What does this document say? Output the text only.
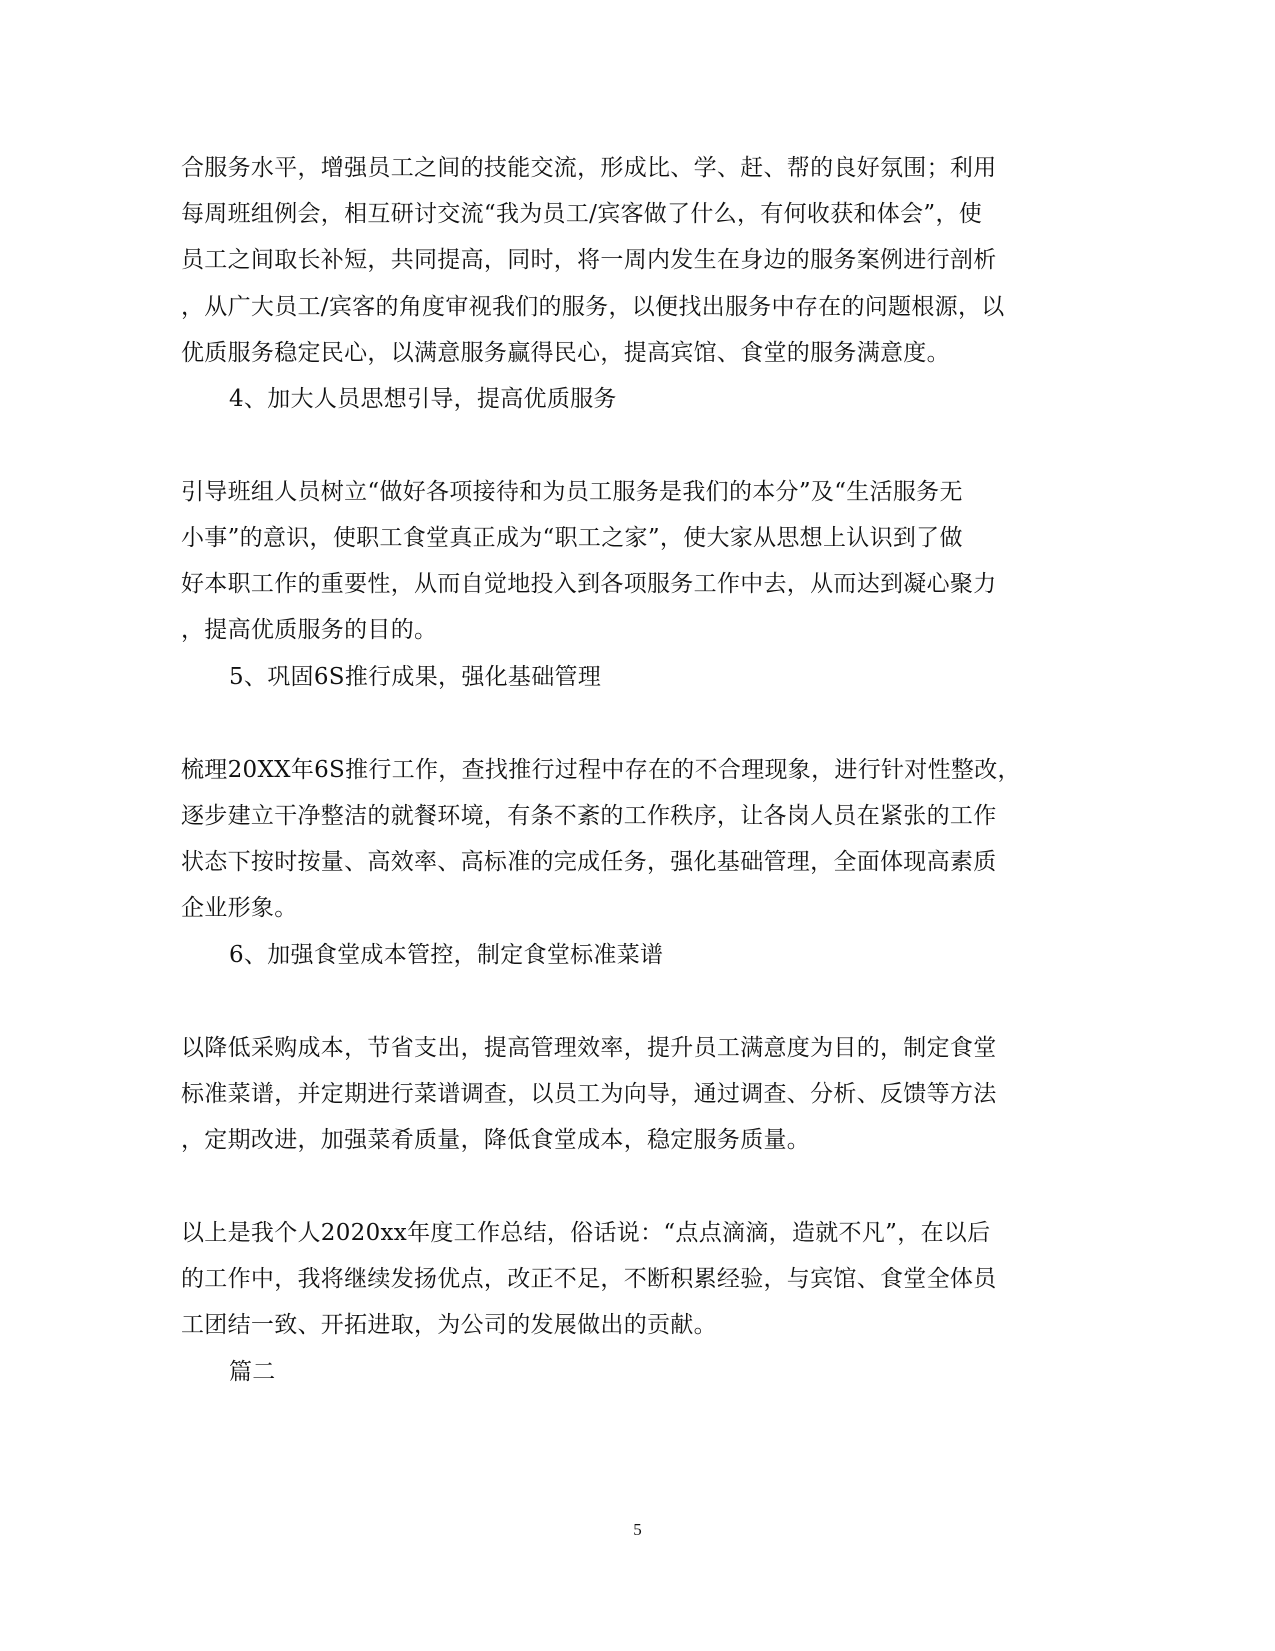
合服务水平，增强员工之间的技能交流，形成比、学、赶、帮的良好氛围；利用
每周班组例会，相互研讨交流“我为员工/宾客做了什么，有何收获和体会”，使
员工之间取长补短，共同提高，同时，将一周内发生在身边的服务案例进行剖析
，从广大员工/宾客的角度审视我们的服务，以便找出服务中存在的问题根源，以
优质服务稳定民心，以满意服务赢得民心，提高宾馆、食堂的服务满意度。
4、加大人员思想引导，提高优质服务
引导班组人员树立“做好各项接待和为员工服务是我们的本分”及“生活服务无
小事”的意识，使职工食堂真正成为“职工之家”，使大家从思想上认识到了做
好本职工作的重要性，从而自觉地投入到各项服务工作中去，从而达到凝心聚力
，提高优质服务的目的。
5、巩固6S推行成果，强化基础管理
梳理20XX年6S推行工作，查找推行过程中存在的不合理现象，进行针对性整改，
逐步建立干净整洁的就餐环境，有条不紊的工作秩序，让各岗人员在紧张的工作
状态下按时按量、高效率、高标准的完成任务，强化基础管理，全面体现高素质
企业形象。
6、加强食堂成本管控，制定食堂标准菜谱
以降低采购成本，节省支出，提高管理效率，提升员工满意度为目的，制定食堂
标准菜谱，并定期进行菜谱调查，以员工为向导，通过调查、分析、反馈等方法
，定期改进，加强菜肴质量，降低食堂成本，稳定服务质量。
以上是我个人2020xx年度工作总结，俗话说：“点点滴滴，造就不凡”，在以后
的工作中，我将继续发扬优点，改正不足，不断积累经验，与宾馆、食堂全体员
工团结一致、开拓进取，为公司的发展做出的贡献。
篇二
5
